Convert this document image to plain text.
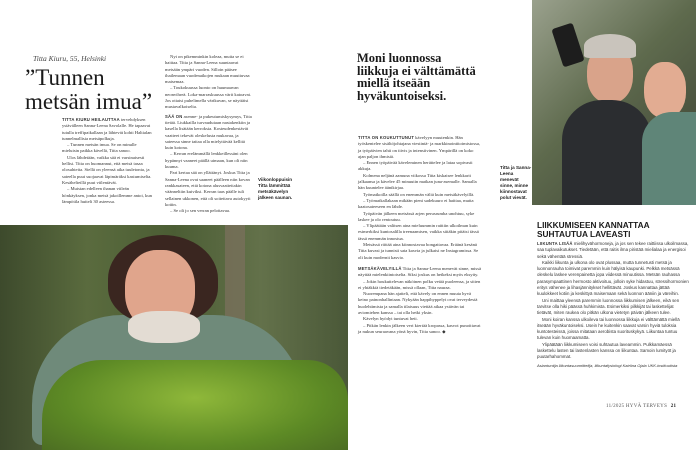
Titta Kiuru, 55, Helsinki
”Tunnen
metsän imua”

TITTA KIURU HEILAUTTAA tervehdyksen ystävälleen Sanna-Leena Savolalle. He tapaavat tutulla treffipaikallaan ja lähtevät kohti Haltialan tunnelmallisia metsäpolkuja.

– Tunnen metsän imua. Se on minulle mieluisin paikka kävellä, Titta sanoo.

Ulos lähdetään, vaikka sää ei varsinaisesti hellisi. Titta on huomannut, että metsä tasaa olosuhteita. Siellä on yleensä aika tuuletonta, ja sateella puut suojaavat läpimäräksi kastumiselta. Kesähelteillä puut viilentävät.

– Muistan edelleen ihanan viileän hönkäyksen, jonka metsä jakoillemme antoi, kun lämpötila huiteli 30 asteessa.

Nyt on pikemminkin koleaa, mutta se ei haittaa. Titta ja Sanna-Leena suuntaavat metsään ympäri vuoden. Silloin pääsee ihailemaan vuodenaikojen mukaan muuttuvaa maisemaa.

– Toukokuussa luonto on huumaavan neonvihreä. Loka-marraskuussa värit katoavat. Jos ottaisi puhelimella värikuvan, se näyttäisi mustavalkoiselta.

SÄÄ ON asenne- ja pukeutumiskysymys, Titta tietää. Liukkailla turvaudutaan nastakenkiin ja kasella lisätään kerroksia. Kosteudenkestävät vaatteet tekevät oleskelusta mukavaa, ja sateessa sinne taitaa olla mielyttävää kellitä kuin kotona.

– Kerran erelämmällä lenkkeillessäni olen hypännyt vaaneet päällä uimaan, kun oli niin kuuma.

Pari kertaa sää on yllättänyt. Joskus Titta ja Sanna-Leena ovat saaneet päälleen niin kovan rankkasateen, että kotona alusvaatteitakin väänneltiin kuiviksi. Kerran taas päälle tuli sellainen ukkonen, että oli soitettava autokyyti kotiin.

– Se oli jo sen verran pelottavaa.

Viikonloppuisin Titta lämmittää metsäkävelyn jälkeen saunan.
Moni luonnossa liikkuja ei välttämättä miellä itseään hyväkuntoiseksi.

TITTA ON KOUKUTTUNUT kävelyyn muutenkin. Hän työskentelee sisältöjohtajana viestintä- ja markkinointitoimistossa, ja työpäivien tahti on tiivis ja intensiivinen. Ympärillä on koko ajan paljon ihmisiä.

– Ennen työpäivää käveleminen herättelee ja lataa sopivasti akkuja.

Kolmena neljänä aamuna viikossa Titta kiskaisee lenkkarit jalkaansa ja kävelee 45 minuutin matkan juna-asemalle. Samalla hän kuuntelee äänikirjaa.

Työmatkoilla säällä on enemmän väliä kuin metsäkävelyillä.

– Työmatkallakaan mikään pieni sadekuuro ei haittaa, mutta kaatosateeseen en lähde.

Työpäivän jälkeen metsässä arjen perusrumba unohtuu, syke laskee ja olo rentoutuu.

– Ylipäätään valitsen aina mieluummin raittiin ulkoilman kuin esimerkiksi kuntosalilla treenaamisen, vaikka siitäkin pitäisi tässä iässä enemmän innostua.

Metsässä riittää aina kiinnostavaa bongattavaa. Eräänä kesänä Titta kuvasi ja tunnisti sata kasvia ja julkaisi ne Instagramissa. Se oli kuin modernit kasvio.

METSÄKÄVELYILLÄ Titta ja Sanna-Leena menevät sinne, missä näyttää mielenkiintoiselta. Siksi joskus on hetkeksi myös eksytty.

– Jokin houkuttelevan näköinen polku vetää puoleensa, ja sitten ei yhtäkkiä tiedetäkään, missä ollaan, Titta nauraa.

Nuorempana hän ajatteli, että kävely on ennen muuta hyvä keino painonhallintaan. Nykyään happihyppelyt ovat terveydestä huolehtimista ja samalla tilaisuus viettää aikaa ystävän tai aviomiehen kanssa – tai olla hetki yksin.

Kävelyn hyödyt tuntuvat heti.

– Pitkän lenkin jälkeen veri kiertää kropassa, kasvot punoittavat ja nukun seuraavana yönä hyvin, Titta sanoo. ◆

Titta ja Sanna-Leena menevät sinne, minne kiinnostavat polut vievät.
LIIKKUMISEEN KANNATTAA
SUHTAUTUA LAVEASTI

LIIKUNTA LISÄÄ mielihyvähormoneja, ja jos sen tekee raittiissa ulkoilmassa, saa tuplavaikutukset. Tiedetään, että raitis ilma piristää mielialaa ja energisoi sekä vähentää stressiä.

Kaikki liikunta ja ulkona olo ovat plussaa, mutta tunnetusti metsä ja luonnonrauha toimivat paremmin kuin hälyisä kaupunki. Pelkkä metsässä oleskelu laskee verenpainetta jopa viidessä minuutissa. Metsän rauhassa parasympaattinen hermosto aktivoituu, jolloin syke hidastuu, stressihormonien eritys vähenee ja lihasjännitykset hellittävät. Joskus kannattaa jättää kuulokkeet kotiin ja keskittyä maisemaan sekä luonnon ääniin ja väreihin.

Uni maittaa yleensä paremmin luonnossa liikkumisen jälkeen, eikä sen tarvitse olla hiki päässä huhkimista. Esimerkiksi pilkkijät tai laskettelijat tietävät, miten raukea olo pitkän ulkona vietetyn päivän jälkeen tulee.

Moni koiran kanssa ulkoileva tai luonnossa liikkuja ei välttämättä miellä itseään hyväkuntoiseksi. Usein he kuitenkin saavat varsin hyviä tuloksia kuntotesteissä, joissa mitataan aerobista suorituskykyä. Liikuntaa tuntuu tulevan kuin huomaamatta.

Ylipäätään liikkumiseen voisi suhtautua laveammin. Pulkkamäessä laskettelu lasten tai lastenlasten kanssa on liikuntaa. Samoin lumityöt ja puutarhahommat.

Asiantuntija liikuntasuunnittelija, liikuntafysiologi Katriina Ojala UKK-instituutista

11/2025 HYVÄ TERVEYS 21
